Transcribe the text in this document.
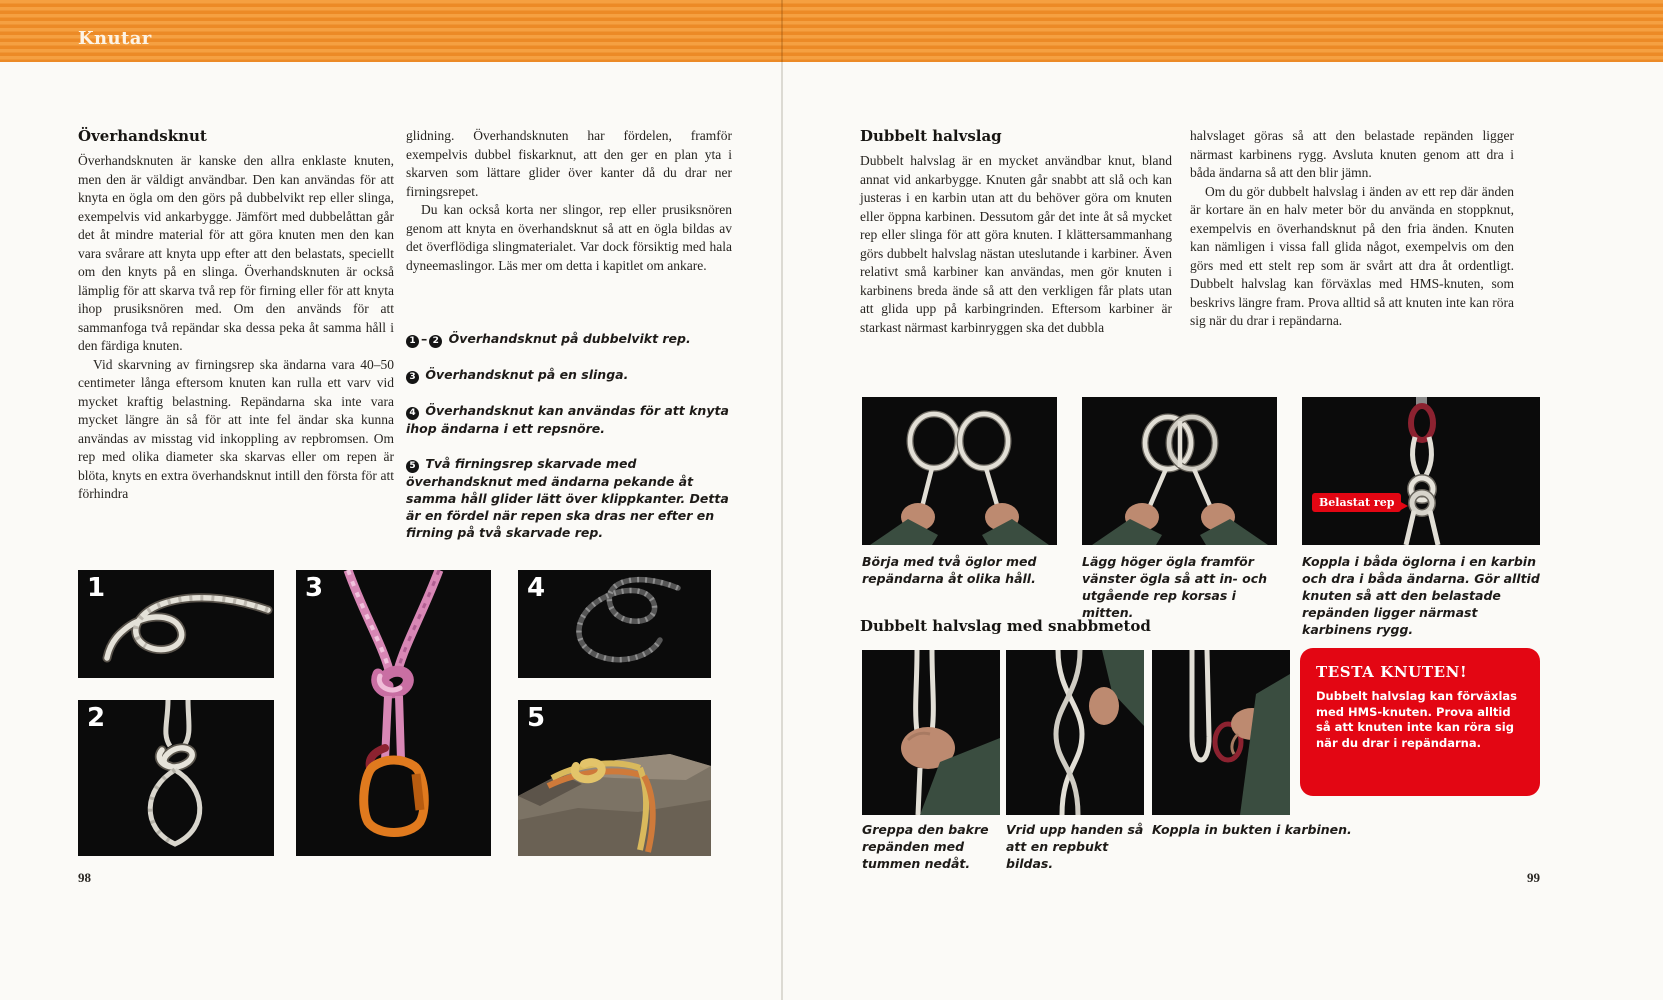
Knutar
Överhandsknut

Överhandsknuten är kanske den allra enklaste knuten, men den är väldigt användbar. Den kan användas för att knyta en ögla om den görs på dubbelvikt rep eller slinga, exempelvis vid ankarbygge. Jämfört med dubbelåttan går det åt mindre material för att göra knuten men den kan vara svårare att knyta upp efter att den belastats, speciellt om den knyts på en slinga. Överhandsknuten är också lämplig för att skarva två rep för firning eller för att knyta ihop prusiksnören med. Om den används för att sammanfoga två repändar ska dessa peka åt samma håll i den färdiga knuten.

Vid skarvning av firningsrep ska ändarna vara 40–50 centimeter långa eftersom knuten kan rulla ett varv vid mycket kraftig belastning. Repändarna ska inte vara mycket längre än så för att inte fel ändar ska kunna användas av misstag vid inkoppling av repbromsen. Om rep med olika diameter ska skarvas eller om repen är blöta, knyts en extra överhandsknut intill den första för att förhindra

glidning. Överhandsknuten har fördelen, framför exempelvis dubbel fiskarknut, att den ger en plan yta i skarven som lättare glider över kanter då du drar ner firningsrepet.

Du kan också korta ner slingor, rep eller prusiksnören genom att knyta en överhandsknut så att en ögla bildas av det överflödiga slingmaterialet. Var dock försiktig med hala dyneemaslingor. Läs mer om detta i kapitlet om ankare.

1 – 2 Överhandsknut på dubbelvikt rep.

3 Överhandsknut på en slinga.

4 Överhandsknut kan användas för att knyta ihop ändarna i ett repsnöre.

5 Två firningsrep skarvade med överhandsknut med ändarna pekande åt samma håll glider lätt över klippkanter. Detta är en fördel när repen ska dras ner efter en firning på två skarvade rep.

1
2
3	4
5
98
Dubbelt halvslag

Dubbelt halvslag är en mycket användbar knut, bland annat vid ankarbygge. Knuten går snabbt att slå och kan justeras i en karbin utan att du behöver göra om knuten eller öppna karbinen. Dessutom går det inte åt så mycket rep eller slinga för att göra knuten. I klättersammanhang görs dubbelt halvslag nästan uteslutande i karbiner. Även relativt små karbiner kan användas, men gör knuten i karbinens breda ände så att den verkligen får plats utan att glida upp på karbingrinden. Eftersom karbiner är starkast närmast karbinryggen ska det dubbla

halvslaget göras så att den belastade repänden ligger närmast karbinens rygg. Avsluta knuten genom att dra i båda ändarna så att den blir jämn.

Om du gör dubbelt halvslag i änden av ett rep där änden är kortare än en halv meter bör du använda en stoppknut, exempelvis en överhandsknut på den fria änden. Knuten kan nämligen i vissa fall glida något, exempelvis om den görs med ett stelt rep som är svårt att dra åt ordentligt. Dubbelt halvslag kan förväxlas med HMS-knuten, som beskrivs längre fram. Prova alltid så att knuten inte kan röra sig när du drar i repändarna.

Belastat rep
Börja med två öglor med repändarna åt olika håll.
Lägg höger ögla framför vänster ögla så att in- och utgående rep korsas i mitten.
Koppla i båda öglorna i en karbin och dra i båda ändarna. Gör alltid knuten så att den belastade repänden ligger närmast karbinens rygg.
Dubbelt halvslag med snabbmetod
Greppa den bakre repänden med tummen nedåt.
Vrid upp handen så att en repbukt bildas.
Koppla in bukten i karbinen.
TESTA KNUTEN!

Dubbelt halvslag kan förväxlas med HMS-knuten. Prova alltid så att knuten inte kan röra sig när du drar i repändarna.

99
